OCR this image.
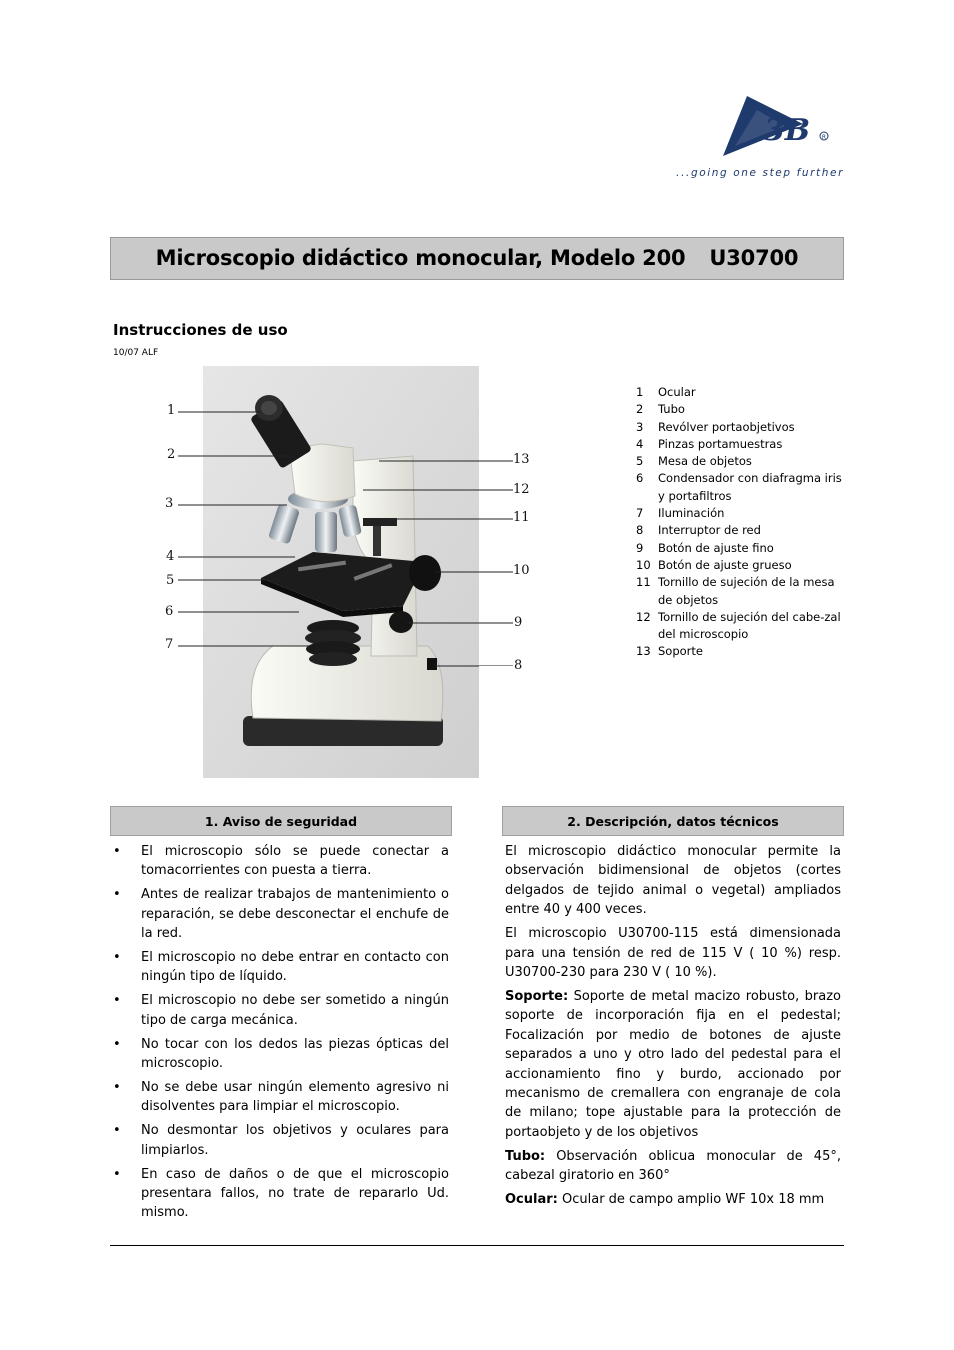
3B R
...going one step further
Microscopio didáctico monocular, Modelo 200 U30700
Instrucciones de uso
10/07 ALF
1
2
3
4
5
6
7
13
12
11
10
9
8
1	Ocular
2	Tubo
3	Revólver portaobjetivos
4	Pinzas portamuestras
5	Mesa de objetos
6	Condensador con diafragma iris y portafiltros
7	Iluminación
8	Interruptor de red
9	Botón de ajuste fino
10 Botón de ajuste grueso
11 Tornillo de sujeción de la mesa de objetos
12 Tornillo de sujeción del cabe-zal del microscopio
13 Soporte
1. Aviso de seguridad	2. Descripción, datos técnicos
•	El microscopio sólo se puede conectar a tomacorrientes con puesta a tierra.
•	Antes de realizar trabajos de mantenimiento o reparación, se debe desconectar el enchufe de la red.
•	El microscopio no debe entrar en contacto con ningún tipo de líquido.
•	El microscopio no debe ser sometido a ningún tipo de carga mecánica.
•	No tocar con los dedos las piezas ópticas del microscopio.
•	No se debe usar ningún elemento agresivo ni disolventes para limpiar el microscopio.
•	No desmontar los objetivos y oculares para limpiarlos.
•	En caso de daños o de que el microscopio presentara fallos, no trate de repararlo Ud. mismo.

El microscopio didáctico monocular permite la observación bidimensional de objetos (cortes delgados de tejido animal o vegetal) ampliados entre 40 y 400 veces.

El microscopio U30700-115 está dimensionada para una tensión de red de 115 V ( 10 %) resp. U30700-230 para 230 V ( 10 %).

Soporte: Soporte de metal macizo robusto, brazo soporte de incorporación fija en el pedestal; Focalización por medio de botones de ajuste separados a uno y otro lado del pedestal para el accionamiento fino y burdo, accionado por mecanismo de cremallera con engranaje de cola de milano; tope ajustable para la protección de portaobjeto y de los objetivos

Tubo: Observación oblicua monocular de 45°, cabezal giratorio en 360°

Ocular: Ocular de campo amplio WF 10x 18 mm
